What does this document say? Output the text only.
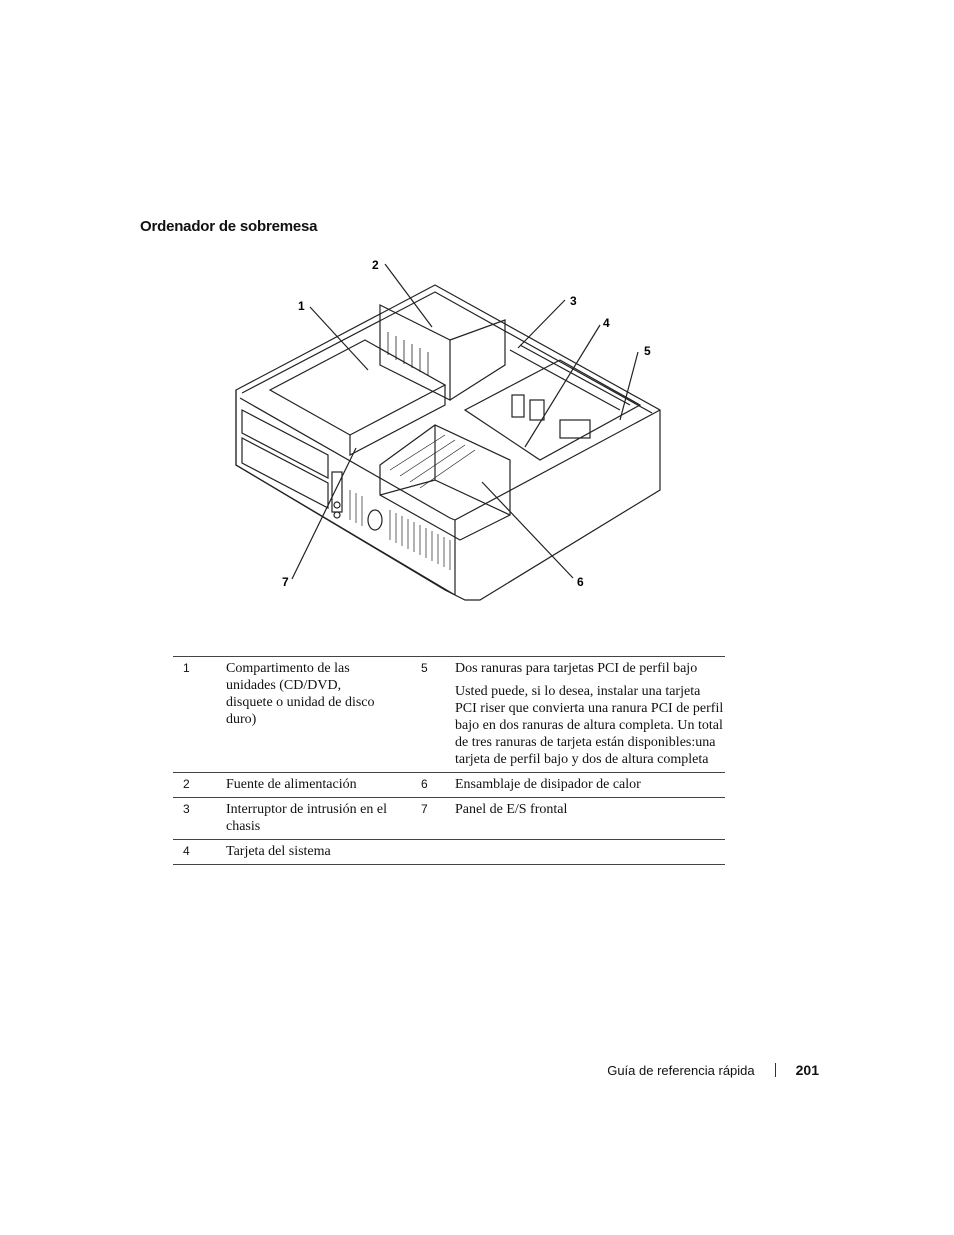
Ordenador de sobremesa
1
2
3
4
5
6
7
1	Compartimento de las unidades (CD/DVD, disquete o unidad de disco duro)	5	Dos ranuras para tarjetas PCI de perfil bajo
Usted puede, si lo desea, instalar una tarjeta PCI riser que convierta una ranura PCI de perfil bajo en dos ranuras de altura completa. Un total de tres ranuras de tarjeta están disponibles:una tarjeta de perfil bajo y dos de altura completa

2	Fuente de alimentación	6	Ensamblaje de disipador de calor
3	Interruptor de intrusión en el chasis	7	Panel de E/S frontal
4	Tarjeta del sistema		
Guía de referencia rápida	201
